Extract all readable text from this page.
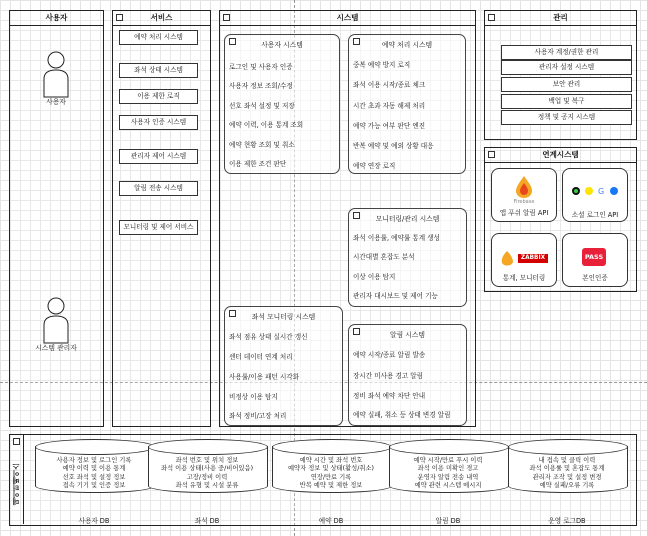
사용자
사용자
시스템 관리자
서비스
예약 처리 시스템
좌석 상태 시스템
이용 제한 로직
사용자 인증 시스템
관리자 제어 시스템
알림 전송 시스템
모니터링 및 제어 서비스
시스템
사용자 시스템
로그인 및 사용자 인증
사용자 정보 조회/수정
선호 좌석 설정 및 저장
예약 이력, 이용 통계 조회
예약 현황 조회 및 취소
이용 제한 조건 판단
예약 처리 시스템
중복 예약 방지 로직
좌석 이용 시작/종료 체크
시간 초과 자동 해제 처리
예약 가능 여부 판단 엔진
반복 예약 및 예외 상황 대응
예약 연장 로직
모니터링/관리 시스템
좌석 이용률, 예약률 통계 생성
시간대별 혼잡도 분석
이상 이용 탐지
관리자 대시보드 및 제어 기능
좌석 모니터링 시스템
좌석 점유 상태 실시간 갱신
센터 데이터 연계 처리
사용률/이용 패턴 시각화
비정상 이용 탐지
좌석 정비/고장 처리
알림 시스템
예약 시작/종료 알림 발송
장시간 미사용 경고 알림
정비 좌석 예약 차단 안내
예약 실패, 취소 등 상태 변경 알림
관리
사용자 계정/권한 관리
관리자 설정 시스템
보안 관리
백업 및 복구
정책 및 공지 시스템
연계시스템
Firebase
앱 푸쉬 알림 API
G
소셜 로그인 API
ZABBIX
통계, 모니터링
PASS
본인인증
데이터베이스
사용자 정보 및 로그인 기록
예약 이력 및 이용 통계
선호 좌석 및 설정 정보
접속 기기 및 인증 정보
사용자 DB
좌석 번호 및 위치 정보
좌석 이용 상태(사용 중/비어있음)
고장/정비 이력
좌석 유형 및 시설 분류
좌석 DB
예약 시간 및 좌석 번호
예약자 정보 및 상태(활성/취소)
연장/만료 기록
반복 예약 및 제한 정보
예약 DB
예약 시작/만료 푸시 이력
좌석 이용 미확인 경고
운영자 알림 전송 내역
예약 관련 시스템 메시지
알림 DB
내 접속 및 클릭 이력
좌석 이용률 및 혼잡도 통계
관리자 조작 및 설정 변경
예약 실패/오류 기록
운영 로그DB
